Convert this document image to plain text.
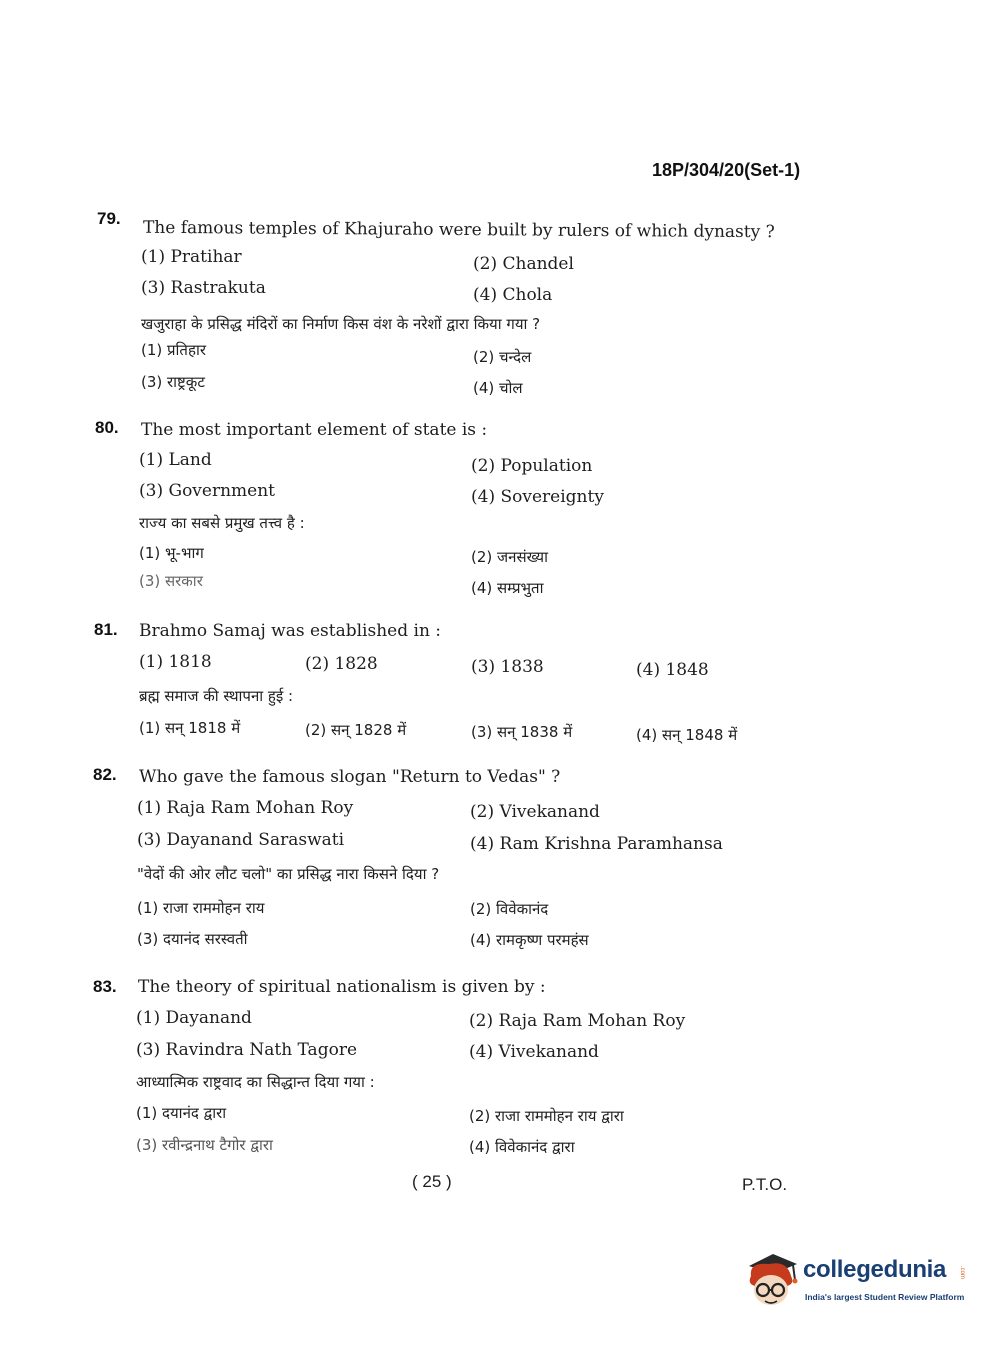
18P/304/20(Set-1)
79. The famous temples of Khajuraho were built by rulers of which dynasty ?
(1) Pratihar	(2) Chandel
(3) Rastrakuta	(4) Chola
खजुराहा के प्रसिद्ध मंदिरों का निर्माण किस वंश के नरेशों द्वारा किया गया ?
(1) प्रतिहार	(2) चन्देल
(3) राष्ट्रकूट	(4) चोल
80. The most important element of state is :
(1) Land	(2) Population
(3) Government	(4) Sovereignty
राज्य का सबसे प्रमुख तत्त्व है :
(1) भू-भाग	(2) जनसंख्या
(3) सरकार	(4) सम्प्रभुता
81. Brahmo Samaj was established in :
(1) 1818	(2) 1828	(3) 1838	(4) 1848
ब्रह्म समाज की स्थापना हुई :
(1) सन् 1818 में	(2) सन् 1828 में	(3) सन् 1838 में	(4) सन् 1848 में
82. Who gave the famous slogan "Return to Vedas" ?
(1) Raja Ram Mohan Roy	(2) Vivekanand
(3) Dayanand Saraswati	(4) Ram Krishna Paramhansa
"वेदों की ओर लौट चलो" का प्रसिद्ध नारा किसने दिया ?
(1) राजा राममोहन राय	(2) विवेकानंद
(3) दयानंद सरस्वती	(4) रामकृष्ण परमहंस
83. The theory of spiritual nationalism is given by :
(1) Dayanand	(2) Raja Ram Mohan Roy
(3) Ravindra Nath Tagore	(4) Vivekanand
आध्यात्मिक राष्ट्रवाद का सिद्धान्त दिया गया :
(1) दयानंद द्वारा	(2) राजा राममोहन राय द्वारा
(3) रवीन्द्रनाथ टैगोर द्वारा	(4) विवेकानंद द्वारा
( 25 )	P.T.O.
collegedunia .com
India's largest Student Review Platform
